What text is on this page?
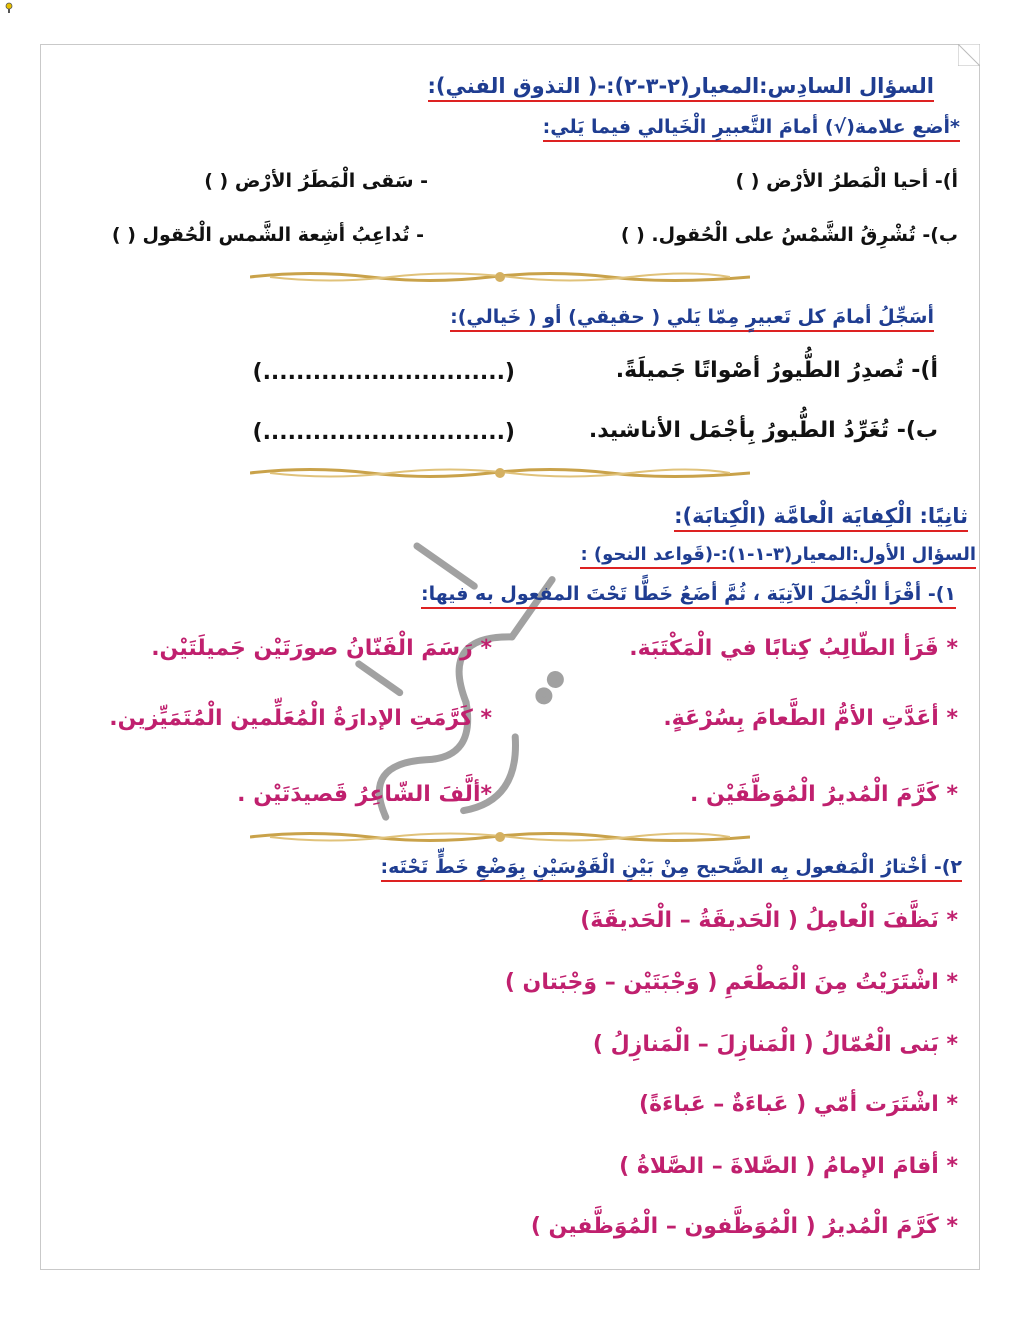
السؤال السادِس:المعيار(٢-٣-٢):-( التذوق الفني):
*أضع علامة(√) أمامَ التَّعبيرِ الْخَيالي فيما يَلي:
أ)- أحيا الْمَطرُ الأرْض ( )
- سَقى الْمَطَرُ الأرْض ( )
ب)- تُشْرِقُ الشَّمْسُ على الْحُقول. ( )
- تُداعِبُ أشِعة الشَّمس الْحُقول ( )
أسَجِّلُ أمامَ كل تَعبيرٍ مِمّا يَلي ( حقيقي) أو ( خَيالي):
أ)- تُصدِرُ الطُّيورُ أصْواتًا جَميلَةً.
(.............................)
ب)- تُغَرِّدُ الطُّيورُ بِأجْمَل الأناشيد.
(.............................)
ثانِيًا: الْكِفايَة الْعامَّة (الْكِتابَة):
السؤال الأول:المعيار(٣-١-١):-(قَواعد النحو) :
١)- أقْرَأ الْجُمَلَ الآتِيَة ، ثُمَّ أضَعُ خَطًّا تَحْتَ المفعول به فيها:
* قَرَأ الطّالِبُ كِتابًا في الْمَكْتَبَة.
* رَسَمَ الْفَنّانُ صورَتَيْن جَميلَتَيْن.
* أعَدَّتِ الأمُّ الطَّعامَ بِسُرْعَةٍ.
* كَرَّمَتِ الإدارَةُ الْمُعَلِّمين الْمُتَمَيِّزين.
* كَرَّمَ الْمُديرُ الْمُوَظَّفَيْن .
*ألَّفَ الشّاعِرُ قَصيدَتَيْن .
٢)- أخْتارُ الْمَفعول بِه الصَّحيح مِنْ بَيْنِ الْقَوْسَيْنِ بِوَضْعِ خَطٍّ تَحْتَه:
* نَظَّفَ الْعامِلُ ( الْحَديقَةُ – الْحَديقَةَ)
* اشْتَرَيْتُ مِنَ الْمَطْعَمِ ( وَجْبَتَيْن – وَجْبَتان )
* بَنى الْعُمّالُ ( الْمَنازِلَ – الْمَنازِلُ )
* اشْتَرَت أمّي ( عَباءَةٌ – عَباءَةً)
* أقامَ الإمامُ ( الصَّلاةَ – الصَّلاةُ )
* كَرَّمَ الْمُديرُ ( الْمُوَظَّفون – الْمُوَظَّفين )
